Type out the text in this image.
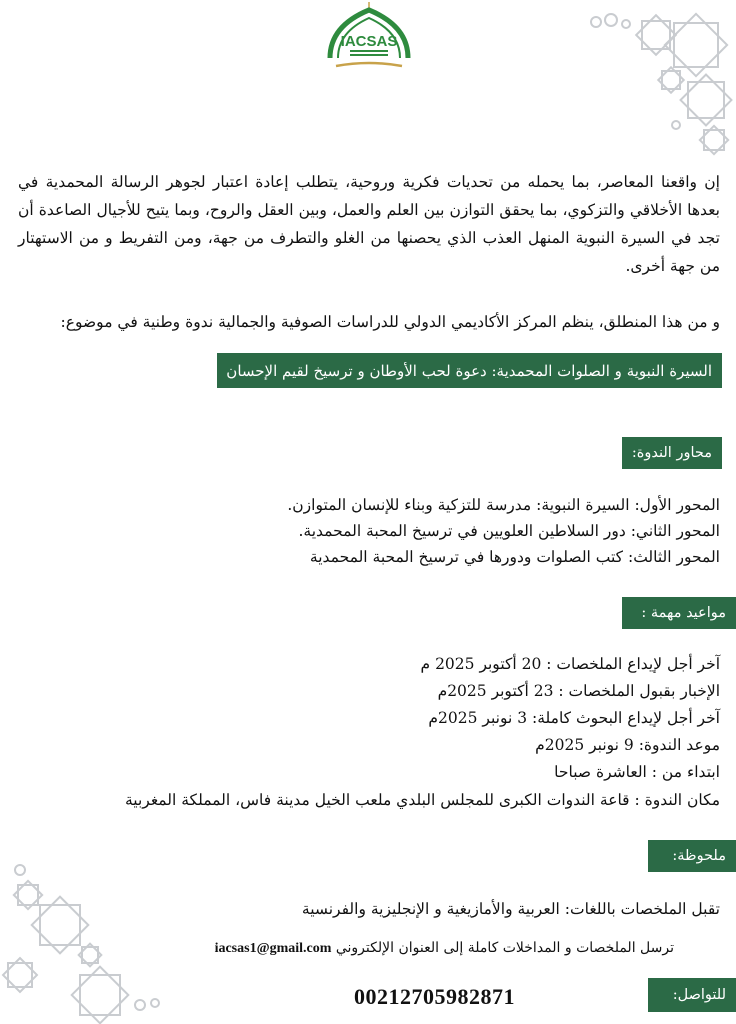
IACSAS
إن واقعنا المعاصر، بما يحمله من تحديات فكرية وروحية، يتطلب إعادة اعتبار لجوهر الرسالة المحمدية في بعدها الأخلاقي والتزكوي، بما يحقق التوازن بين العلم والعمل، وبين العقل والروح، وبما يتيح للأجيال الصاعدة أن تجد في السيرة النبوية المنهل العذب الذي يحصنها من الغلو والتطرف من جهة، ومن التفريط و من الاستهتار من جهة أخرى.
و من هذا المنطلق، ينظم المركز الأكاديمي الدولي للدراسات الصوفية والجمالية ندوة وطنية في موضوع:
السيرة النبوية و الصلوات المحمدية: دعوة لحب الأوطان و ترسيخ لقيم الإحسان
محاور الندوة:
المحور الأول: السيرة النبوية: مدرسة للتزكية وبناء للإنسان المتوازن.
المحور الثاني: دور السلاطين العلويين في ترسيخ المحبة المحمدية.
المحور الثالث: كتب الصلوات ودورها في ترسيخ المحبة المحمدية
مواعيد مهمة :
آخر أجل لإيداع الملخصات : 20 أكتوبر 2025 م
الإخبار بقبول الملخصات : 23 أكتوبر 2025م
آخر أجل لإيداع البحوث كاملة: 3 نونبر 2025م
موعد الندوة: 9 نونبر 2025م
ابتداء من : العاشرة صباحا
مكان الندوة : قاعة الندوات الكبرى للمجلس البلدي ملعب الخيل مدينة فاس، المملكة المغربية
ملحوظة:
تقبل الملخصات باللغات: العربية والأمازيغية و الإنجليزية والفرنسية
ترسل الملخصات و المداخلات كاملة إلى العنوان الإلكتروني iacsas1@gmail.com
للتواصل:
00212705982871
